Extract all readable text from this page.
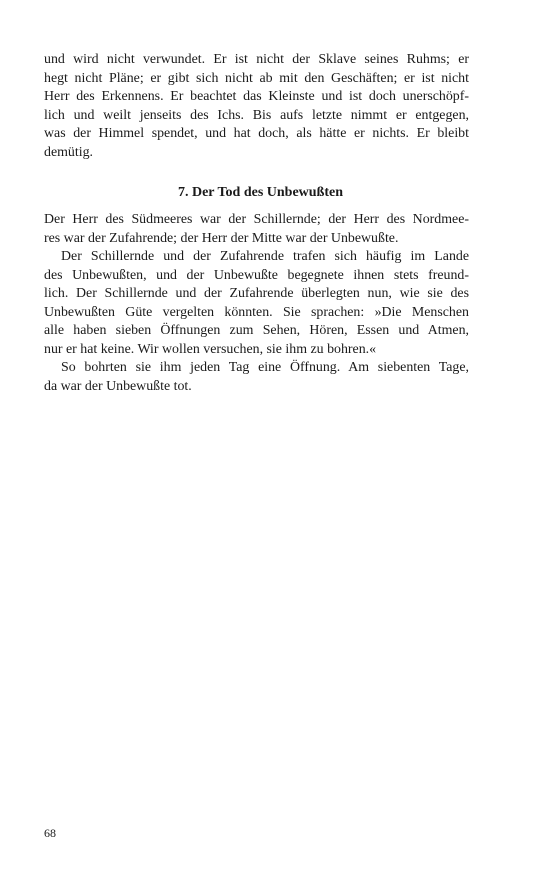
und wird nicht verwundet. Er ist nicht der Sklave seines Ruhms; er
hegt nicht Pläne; er gibt sich nicht ab mit den Geschäften; er ist nicht
Herr des Erkennens. Er beachtet das Kleinste und ist doch unerschöpf-
lich und weilt jenseits des Ichs. Bis aufs letzte nimmt er entgegen,
was der Himmel spendet, und hat doch, als hätte er nichts. Er bleibt
demütig.
7. Der Tod des Unbewußten
Der Herr des Südmeeres war der Schillernde; der Herr des Nordmee-
res war der Zufahrende; der Herr der Mitte war der Unbewußte.
Der Schillernde und der Zufahrende trafen sich häufig im Lande
des Unbewußten, und der Unbewußte begegnete ihnen stets freund-
lich. Der Schillernde und der Zufahrende überlegten nun, wie sie des
Unbewußten Güte vergelten könnten. Sie sprachen: »Die Menschen
alle haben sieben Öffnungen zum Sehen, Hören, Essen und Atmen,
nur er hat keine. Wir wollen versuchen, sie ihm zu bohren.«
So bohrten sie ihm jeden Tag eine Öffnung. Am siebenten Tage,
da war der Unbewußte tot.
68
